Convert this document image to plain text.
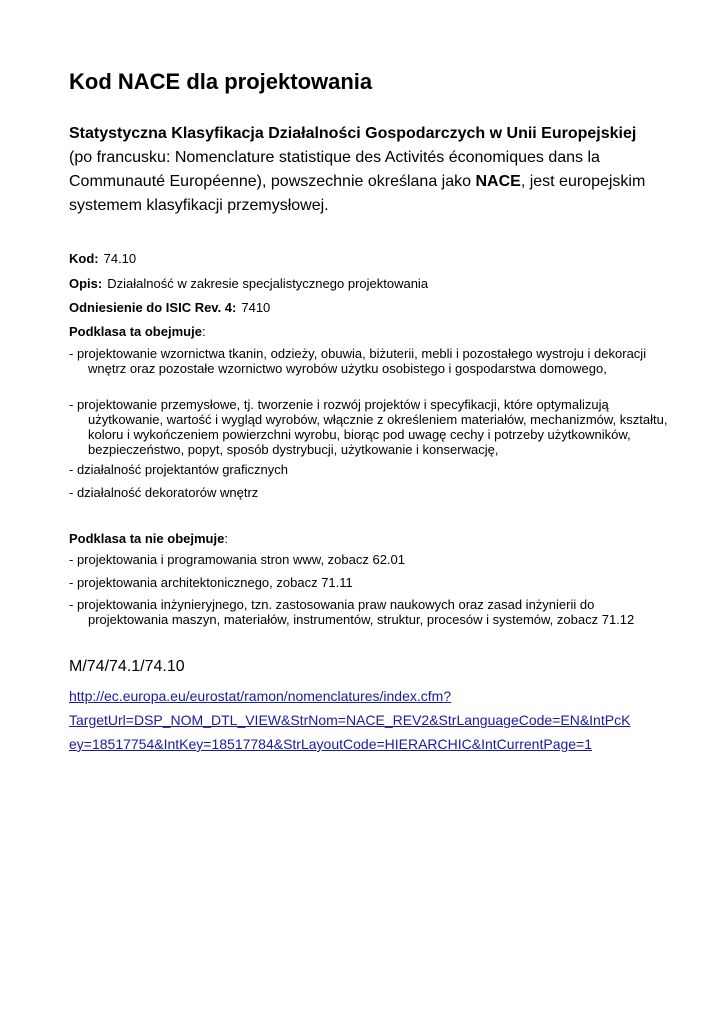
Kod NACE dla projektowania

Statystyczna Klasyfikacja Działalności Gospodarczych w Unii Europejskiej
(po francusku: Nomenclature statistique des Activités économiques dans la Communauté Européenne), powszechnie określana jako NACE, jest europejskim systemem klasyfikacji przemysłowej.

Kod: 74.10

Opis: Działalność w zakresie specjalistycznego projektowania

Odniesienie do ISIC Rev. 4: 7410

Podklasa ta obejmuje:

- projektowanie wzornictwa tkanin, odzieży, obuwia, biżuterii, mebli i pozostałego wystroju i dekoracji wnętrz oraz pozostałe wzornictwo wyrobów użytku osobistego i gospodarstwa domowego,

- projektowanie przemysłowe, tj. tworzenie i rozwój projektów i specyfikacji, które optymalizują użytkowanie, wartość i wygląd wyrobów, włącznie z określeniem materiałów, mechanizmów, kształtu, koloru i wykończeniem powierzchni wyrobu, biorąc pod uwagę cechy i potrzeby użytkowników, bezpieczeństwo, popyt, sposób dystrybucji, użytkowanie i konserwację,

- działalność projektantów graficznych

- działalność dekoratorów wnętrz

Podklasa ta nie obejmuje:

- projektowania i programowania stron www, zobacz 62.01

- projektowania architektonicznego, zobacz 71.11

- projektowania inżynieryjnego, tzn. zastosowania praw naukowych oraz zasad inżynierii do projektowania maszyn, materiałów, instrumentów, struktur, procesów i systemów, zobacz 71.12

M/74/74.1/74.10

http://ec.europa.eu/eurostat/ramon/nomenclatures/index.cfm?
TargetUrl=DSP_NOM_DTL_VIEW&StrNom=NACE_REV2&StrLanguageCode=EN&IntPcK
ey=18517754&IntKey=18517784&StrLayoutCode=HIERARCHIC&IntCurrentPage=1
